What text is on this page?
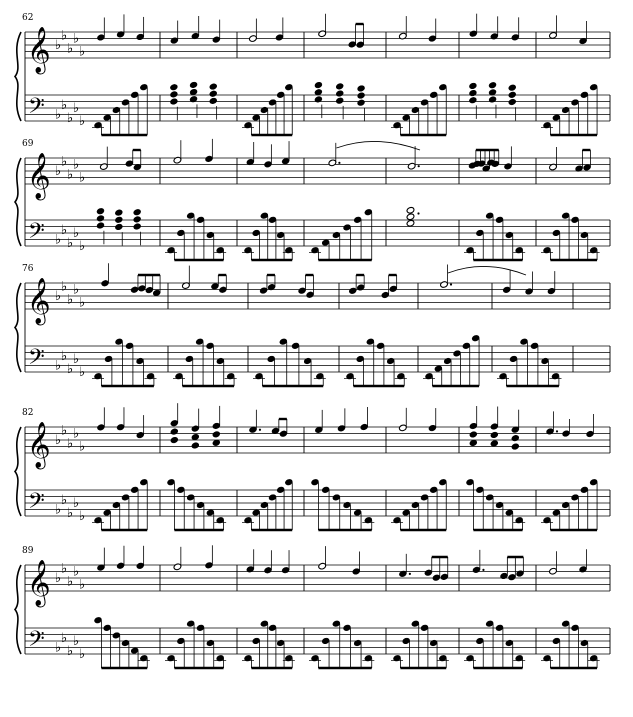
62
𝄞
𝄢
♭
♭
♭
♭
♭
♭
♭
♭
♭
♭
69
𝄞
𝄢
♭
♭
♭
♭
♭
♭
♭
♭
♭
♭
76
𝄞
𝄢
♭
♭
♭
♭
♭
♭
♭
♭
♭
♭
82
𝄞
𝄢
♭
♭
♭
♭
♭
♭
♭
♭
♭
♭
89
𝄞
𝄢
♭
♭
♭
♭
♭
♭
♭
♭
♭
♭
